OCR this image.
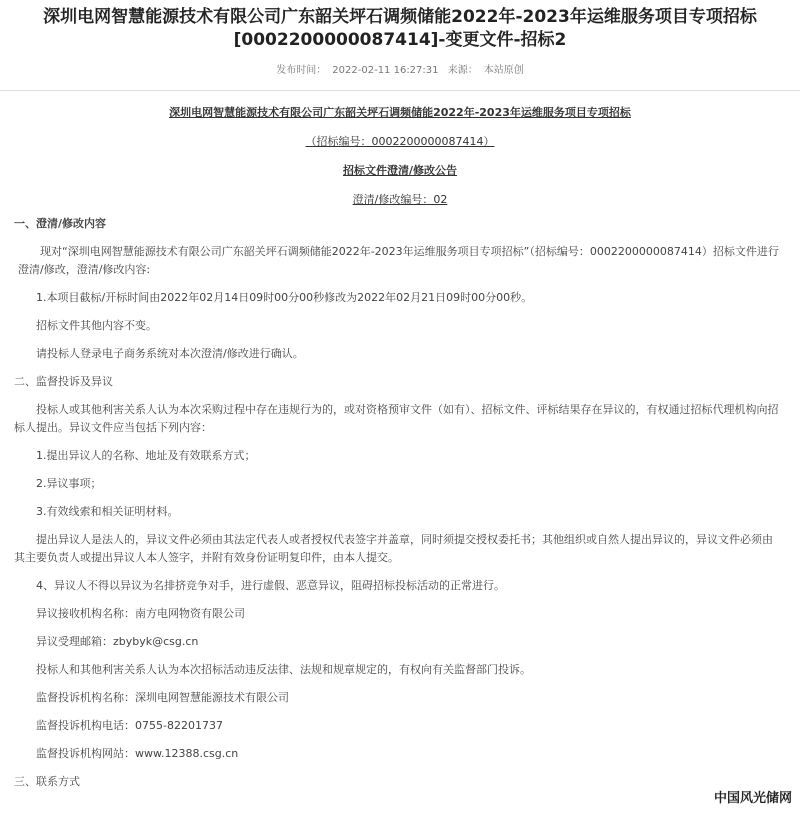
深圳电网智慧能源技术有限公司广东韶关坪石调频储能2022年-2023年运维服务项目专项招标
[0002200000087414]-变更文件-招标2
发布时间： 2022-02-11 16:27:31 来源： 本站原创
深圳电网智慧能源技术有限公司广东韶关坪石调频储能2022年-2023年运维服务项目专项招标
（招标编号：0002200000087414）
招标文件澄清/修改公告
澄清/修改编号：02
一、澄清/修改内容
现对“深圳电网智慧能源技术有限公司广东韶关坪石调频储能2022年-2023年运维服务项目专项招标”（招标编号：0002200000087414）招标文件进行澄清/修改，澄清/修改内容:
1.本项目截标/开标时间由2022年02月14日09时00分00秒修改为2022年02月21日09时00分00秒。
招标文件其他内容不变。
请投标人登录电子商务系统对本次澄清/修改进行确认。
二、监督投诉及异议
投标人或其他利害关系人认为本次采购过程中存在违规行为的，或对资格预审文件（如有）、招标文件、评标结果存在异议的，有权通过招标代理机构向招标人提出。异议文件应当包括下列内容：
1.提出异议人的名称、地址及有效联系方式；
2.异议事项；
3.有效线索和相关证明材料。
提出异议人是法人的，异议文件必须由其法定代表人或者授权代表签字并盖章，同时须提交授权委托书；其他组织或自然人提出异议的，异议文件必须由其主要负责人或提出异议人本人签字，并附有效身份证明复印件，由本人提交。
4、异议人不得以异议为名排挤竞争对手，进行虚假、恶意异议，阻碍招标投标活动的正常进行。
异议接收机构名称：南方电网物资有限公司
异议受理邮箱：zbybyk@csg.cn
投标人和其他利害关系人认为本次招标活动违反法律、法规和规章规定的，有权向有关监督部门投诉。
监督投诉机构名称：深圳电网智慧能源技术有限公司
监督投诉机构电话：0755-82201737
监督投诉机构网站：www.12388.csg.cn
三、联系方式
中国风光储网
